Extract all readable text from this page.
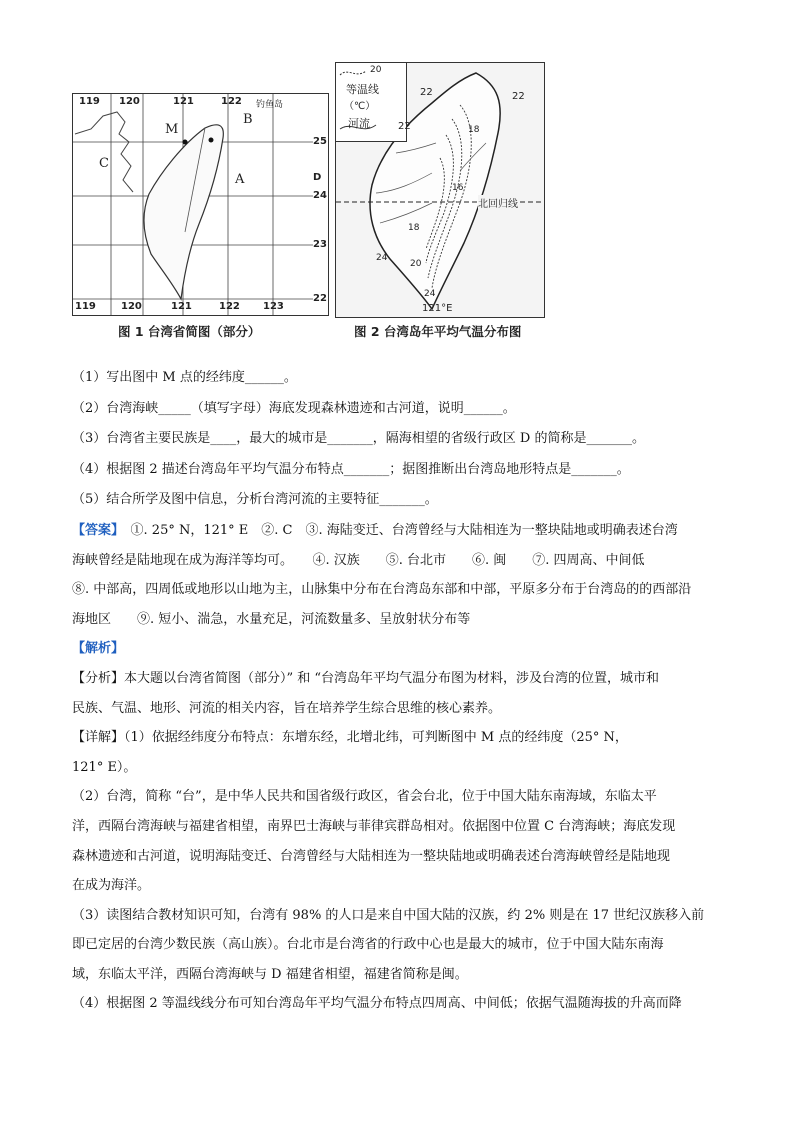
119 120	121	122 钓鱼岛
119	120	121	122 123
25
24
23
22
D
M
B
A
C
20
等温线
（℃）
河流
22	22
22	18
16
18
20
24
24
北回归线
121°E
图 1 台湾省简图（部分）	图 2 台湾岛年平均气温分布图
（1）写出图中 M 点的经纬度______。
（2）台湾海峡_____（填写字母）海底发现森林遗迹和古河道，说明______。
（3）台湾省主要民族是____，最大的城市是_______，隔海相望的省级行政区 D 的简称是_______。
（4）根据图 2 描述台湾岛年平均气温分布特点_______；据图推断出台湾岛地形特点是_______。
（5）结合所学及图中信息，分析台湾河流的主要特征_______。
【答案】　 ①. 25° N，121° E　②. C　③. 海陆变迁、台湾曾经与大陆相连为一整块陆地或明确表述台湾
海峡曾经是陆地现在成为海洋等均可。　　④. 汉族　　⑤. 台北市　　⑥. 闽　　⑦. 四周高、中间低
⑧. 中部高，四周低或地形以山地为主，山脉集中分布在台湾岛东部和中部，平原多分布于台湾岛的的西部沿
海地区　　⑨. 短小、湍急，水量充足，河流数量多、呈放射状分布等
【解析】
【分析】本大题以台湾省简图（部分）” 和 “台湾岛年平均气温分布图为材料，涉及台湾的位置，城市和
民族、气温、地形、河流的相关内容，旨在培养学生综合思维的核心素养。
【详解】（1）依据经纬度分布特点：东增东经，北增北纬，可判断图中 M 点的经纬度（25° N，
121° E）。
（2）台湾，简称 “台”，是中华人民共和国省级行政区，省会台北，位于中国大陆东南海域，东临太平
洋，西隔台湾海峡与福建省相望，南界巴士海峡与菲律宾群岛相对。依据图中位置 C 台湾海峡；海底发现
森林遗迹和古河道，说明海陆变迁、台湾曾经与大陆相连为一整块陆地或明确表述台湾海峡曾经是陆地现
在成为海洋。
（3）读图结合教材知识可知，台湾有 98% 的人口是来自中国大陆的汉族，约 2% 则是在 17 世纪汉族移入前
即已定居的台湾少数民族（高山族）。台北市是台湾省的行政中心也是最大的城市，位于中国大陆东南海
域，东临太平洋，西隔台湾海峡与 D 福建省相望，福建省简称是闽。
（4）根据图 2 等温线线分布可知台湾岛年平均气温分布特点四周高、中间低；依据气温随海拔的升高而降
